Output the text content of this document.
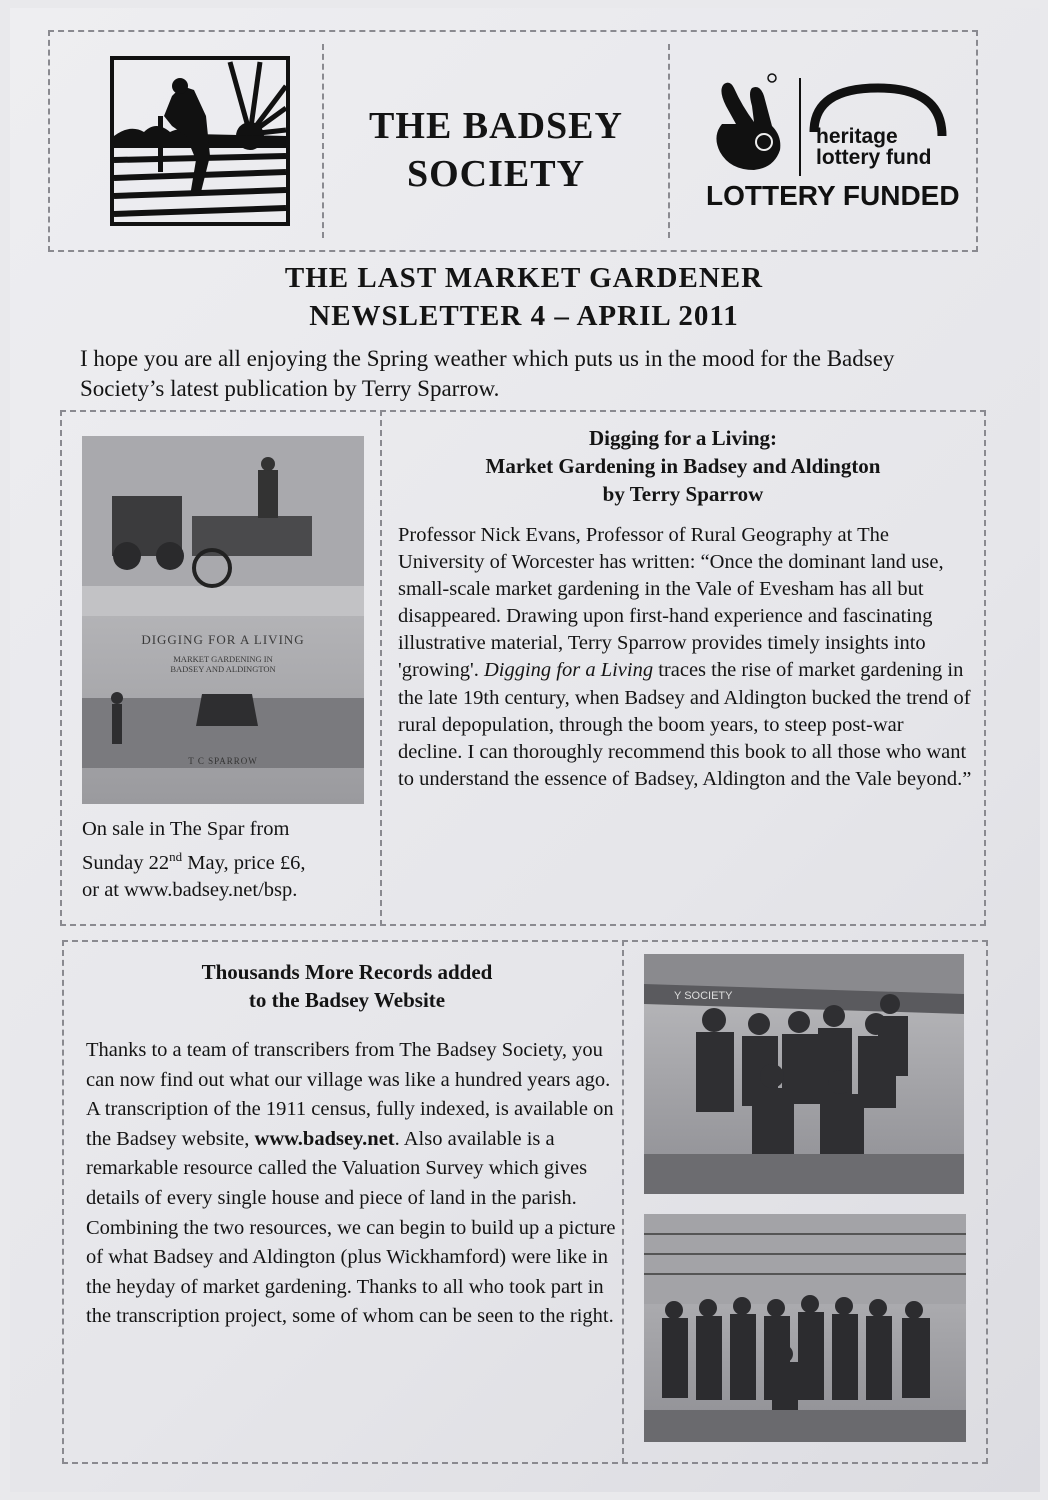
THE BADSEY
SOCIETY
heritage
lottery fund
LOTTERY FUNDED
THE LAST MARKET GARDENER
NEWSLETTER 4 – APRIL 2011
I hope you are all enjoying the Spring weather which puts us in the mood for the Badsey Society’s latest publication by Terry Sparrow.
DIGGING FOR A LIVING
MARKET GARDENING IN
BADSEY AND ALDINGTON
T C SPARROW
On sale in The Spar from
Sunday 22nd May, price £6,
or at www.badsey.net/bsp.
Digging for a Living:
Market Gardening in Badsey and Aldington
by Terry Sparrow
Professor Nick Evans, Professor of Rural Geography at The University of Worcester has written: “Once the dominant land use, small-scale market gardening in the Vale of Evesham has all but disappeared. Drawing upon first-hand experience and fascinating illustrative material, Terry Sparrow provides timely insights into 'growing'. Digging for a Living traces the rise of market gardening in the late 19th century, when Badsey and Aldington bucked the trend of rural depopulation, through the boom years, to steep post-war decline. I can thoroughly recommend this book to all those who want to understand the essence of Badsey, Aldington and the Vale beyond.”
Thousands More Records added
to the Badsey Website
Thanks to a team of transcribers from The Badsey Society, you can now find out what our village was like a hundred years ago. A transcription of the 1911 census, fully indexed, is available on the Badsey website, www.badsey.net. Also available is a remarkable resource called the Valuation Survey which gives details of every single house and piece of land in the parish. Combining the two resources, we can begin to build up a picture of what Badsey and Aldington (plus Wickhamford) were like in the heyday of market gardening. Thanks to all who took part in the transcription project, some of whom can be seen to the right.
Y SOCIETY
